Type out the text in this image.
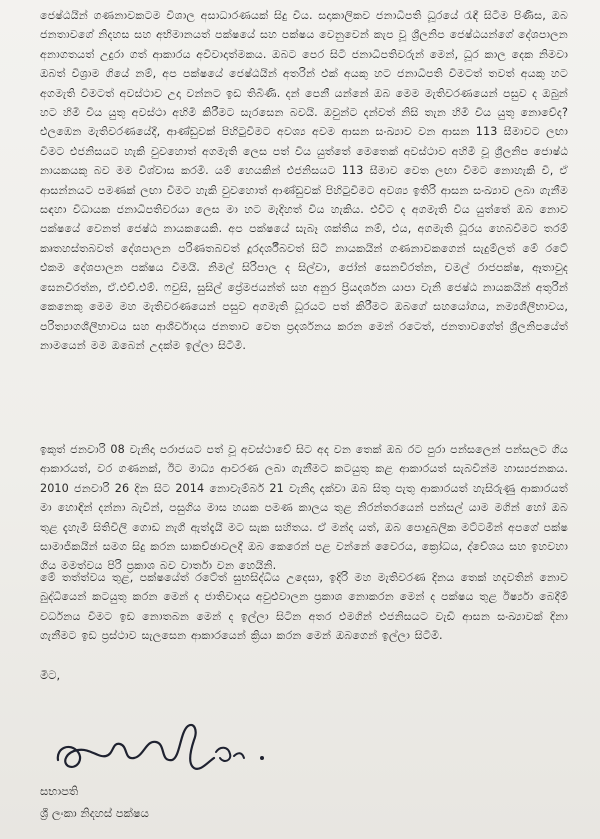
ජෙෂ්ඨයින් ගණනාවකටම විශාල අසාධාරණයක් සිදු විය. සදාකාලිකව ජනාධිපති ධූරයේ රැඳී සිටීම පිණිස, ඔබ ජනතාවගේ නිදහස සහ අභිමානයත් පක්ෂයේ සහ පක්ෂය වෙනුවෙන් කැප වූ ශ්‍රීලනිප ජෙෂ්ඨයන්ගේ දේශපාලන අනාගතයත් උදුරා ගත් ආකාරය අවිවාදාත්මකය. ඔබට පෙර සිටි ජනාධිපතිවරුන් මෙන්, ධූර කාල දෙක නිමවා ඔබත් විශ්‍රාම ගියේ නම්, අප පක්ෂයේ ජෙෂ්ඨයින් අතරින් එක් අයකු හට ජනාධිපති විමටත් තවත් අයකු හට අගමැති විමටත් අවස්ථාව උදා වන්නට ඉඩ තිබිණි. දන් පෙනී යන්නේ ඔබ මෙම මැතිවරණයෙන් පසුව ද ඔබුන් හට හිමි විය යුතු අවස්ථා අහිමි කිරීමට සැරසෙන බවයි. ඔවුන්ට දන්වත් නිසි තැන හිමි විය යුතු නොවේද? එලඹෙන මැතිවරණයේදී, ආණ්ඩුවක් පිහිටුවීමට අවශ්‍ය අවම ආසන සංඛ්‍යාව වන ආසන 113 සීමාවට ලඟා වීමට එජනිසයට හැකි වුවහොත් අගමැති ලෙස පත් විය යුත්තේ මෙතෙක් අවස්ථාව අහිමි වූ ශ්‍රීලනිප ජොෂ්ඨ නායකයකු බව මම විශ්වාස කරමි. යම් හෙයකින් එජනිසයට 113 සීමාව වෙත ලඟා වීමට නොහැකි වී, ඒ ආසන්නයට පමණක් ලඟා වීමට හැකි වුවහොත් ආණ්ඩුවක් පිහිටුවීමට අවශ්‍ය ඉතිරි ආසන සංඛ්‍යාව ලබා ගැනීම සඳහා විධායක ජනාධිපතිවරයා ලෙස මා හට මැදිහත් විය හැකිය. එවිට ද අගමැති විය යුත්තේ ඔබ නොව පක්ෂයේ වෙනත් ජෙෂ්ඨ නායකයෙකි. අප පක්ෂයේ සැබෑ ශක්තිය නම්, එය, අගමැති ධූරය හෙබවීමට තරම් කෘතහස්තබවත් දේශපාලන පරිණතබවත් දූරදර්ශීබවත් සිටි නායකයින් ගණනාවකගෙන් සැදුම්ලත් මේ රටේ එකම දේශපාලන පක්ෂය වීමයි. නිමල් සිරිපාල ද සිල්වා, ජෝන් සෙනවිරත්න, චමල් රාජපක්ෂ, ඈතාවුද සෙනවිරත්න, ඒ.එච්.එම්. ෆවුසි, සුසිල් ප්‍රේමජයන්ත් සහ අනුර ප්‍රියදර්ශන යාපා වැනි ජෙෂ්ඨ නායකයින් අතුරින් කෙනෙකු මෙම මහ මැතිවරණයෙන් පසුව අගමැති ධූරයට පත් කිරීමට ඔබගේ සහයෝගය, නම්‍යශීලීභාවය, පරිත්‍යාගශීලීභාවය සහ ආශීර්වාදය ජනතාව වෙත ප්‍රදර්ශනය කරන මෙන් රටෙත්, ජනතාවගේත් ශ්‍රීලනිපයේත් නාමයෙන් මම ඔබෙන් උදක්ම ඉල්ලා සිටිමි.

ඉකුත් ජනවාරි 08 වැනිදා පරාජයට පත් වූ අවස්ථාවේ සිට අද වන තෙක් ඔබ රට පුරා පන්සලෙන් පන්සලට ගිය ආකාරයත්, වර ගණනක්, ඊට මාධ්‍ය ආවරණ ලබා ගැනීමට කටයුතු කළ ආකාරයත් සැබවින්ම හාස්‍යජනකය. 2010 ජනවාරි 26 දින සිට 2014 නොවැම්බර් 21 වැනිදා දක්වා ඔබ සිතු පැතු ආකාරයත් හැසිරුණු ආකාරයත් මා හොඳින් දන්නා බැවින්, පසුගිය මාස හයක පමණ කාලය තුළ නිරන්තරයෙන් පන්සල් යාම මගින් හෝ ඔබ තුළ දැහැමි සිතිවිලි ගොඩ නැගී ඇත්දැයි මට සැක සහිතය. ඒ මන්ද යත්, ඔබ පොදුබලික මට්ටමින් අපගේ පක්ෂ සාමාජිකයින් සමග සිදු කරන සාකච්ඡාවලදී ඔබ කෙරෙන් පළ වන්නේ වෛරය, ක්‍රෝධය, ද්වේශය සහ ඉහවහා ගිය මමත්වය පිරි ප්‍රකාශ බව වාර්තා වන හෙයිනි.

මේ තත්ත්වය තුළ, පක්ෂයේත් රටේත් සුභසිද්ධිය උදෙසා, ඉදිරි මහ මැතිවරණ දිනය තෙක් හදවතින් නොව බුද්ධියෙන් කටයුතු කරන මෙන් ද ජාතිවාදය අවුළුවාලන ප්‍රකාශ නොකරන මෙන් ද පක්ෂය තුළ ඊර්ෂ්‍යා බෙදීම් වර්ධනය වීමට ඉඩ නොතබන මෙන් ද ඉල්ලා සිටින අතර එමගින් එජනිසයට වැඩි ආසන සංඛ්‍යාවක් දිනා ගැනීමට ඉඩ ප්‍රස්ථාව සැලසෙන ආකාරයෙන් ක්‍රියා කරන මෙන් ඔබගෙන් ඉල්ලා සිටිමි.

මීට,
සභාපති
ශ්‍රී ලංකා නිදහස් පක්ෂය
